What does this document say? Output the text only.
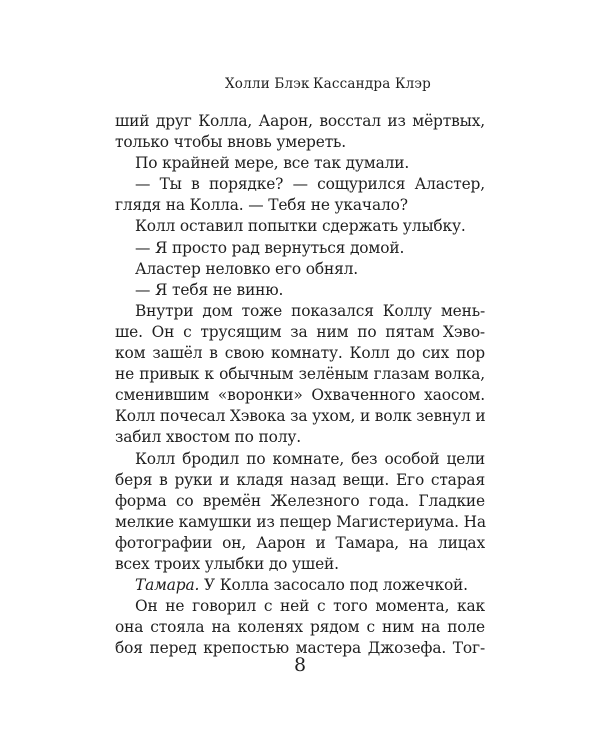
Холли Блэк Кассандра Клэр
ший друг Колла, Аарон, восстал из мёртвых,
только чтобы вновь умереть.
По крайней мере, все так думали.
— Ты в порядке? — сощурился Аластер,
глядя на Колла. — Тебя не укачало?
Колл оставил попытки сдержать улыбку.
— Я просто рад вернуться домой.
Аластер неловко его обнял.
— Я тебя не виню.
Внутри дом тоже показался Коллу мень-
ше. Он с трусящим за ним по пятам Хэво-
ком зашёл в свою комнату. Колл до сих пор
не привык к обычным зелёным глазам волка,
сменившим «воронки» Охваченного хаосом.
Колл почесал Хэвока за ухом, и волк зевнул и
забил хвостом по полу.
Колл бродил по комнате, без особой цели
беря в руки и кладя назад вещи. Его старая
форма со времён Железного года. Гладкие
мелкие камушки из пещер Магистериума. На
фотографии он, Аарон и Тамара, на лицах
всех троих улыбки до ушей.
Тамара. У Колла засосало под ложечкой.
Он не говорил с ней с того момента, как
она стояла на коленях рядом с ним на поле
боя перед крепостью мастера Джозефа. Тог-
8
